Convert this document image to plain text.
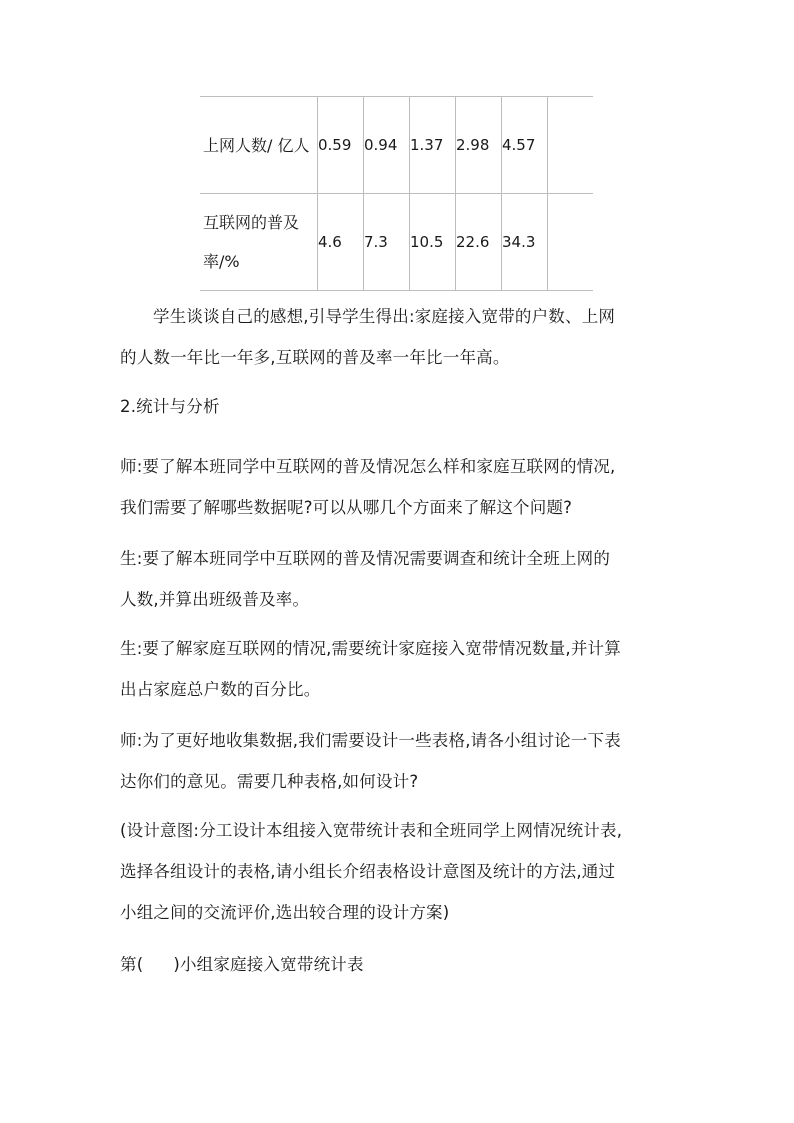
上网人数/ 亿人	0.59	0.94	1.37	2.98	4.57	
互联网的普及率/%	4.6	7.3	10.5	22.6	34.3	
学生谈谈自己的感想,引导学生得出:家庭接入宽带的户数、上网
的人数一年比一年多,互联网的普及率一年比一年高。
2.统计与分析
师:要了解本班同学中互联网的普及情况怎么样和家庭互联网的情况,
我们需要了解哪些数据呢?可以从哪几个方面来了解这个问题?
生:要了解本班同学中互联网的普及情况需要调查和统计全班上网的
人数,并算出班级普及率。
生:要了解家庭互联网的情况,需要统计家庭接入宽带情况数量,并计算
出占家庭总户数的百分比。
师:为了更好地收集数据,我们需要设计一些表格,请各小组讨论一下表
达你们的意见。需要几种表格,如何设计?
(设计意图:分工设计本组接入宽带统计表和全班同学上网情况统计表,
选择各组设计的表格,请小组长介绍表格设计意图及统计的方法,通过
小组之间的交流评价,选出较合理的设计方案)
第( )小组家庭接入宽带统计表
